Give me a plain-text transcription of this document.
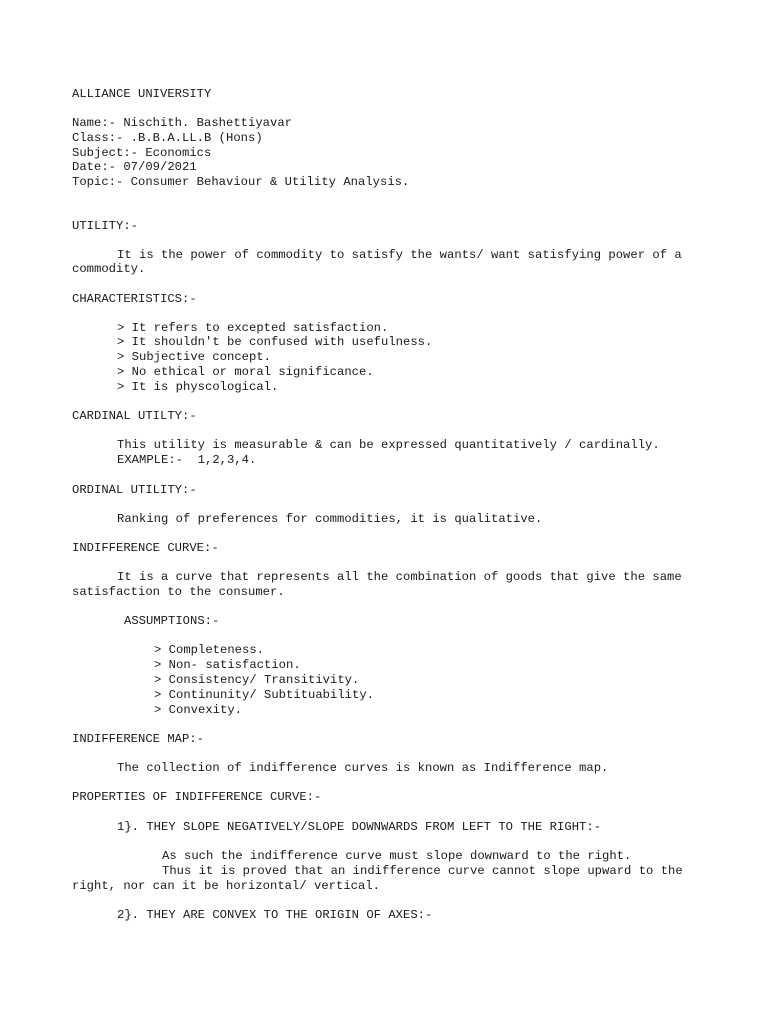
ALLIANCE UNIVERSITY
Name:- Nischith. Bashettiyavar
Class:- .B.B.A.LL.B (Hons)
Subject:- Economics
Date:- 07/09/2021
Topic:- Consumer Behaviour & Utility Analysis.
UTILITY:-
It is the power of commodity to satisfy the wants/ want satisfying power of a
commodity.
CHARACTERISTICS:-
> It refers to excepted satisfaction.
> It shouldn't be confused with usefulness.
> Subjective concept.
> No ethical or moral significance.
> It is physcological.
CARDINAL UTILTY:-
This utility is measurable & can be expressed quantitatively / cardinally.
EXAMPLE:-  1,2,3,4.
ORDINAL UTILITY:-
Ranking of preferences for commodities, it is qualitative.
INDIFFERENCE CURVE:-
It is a curve that represents all the combination of goods that give the same
satisfaction to the consumer.
ASSUMPTIONS:-
> Completeness.
> Non- satisfaction.
> Consistency/ Transitivity.
> Continunity/ Subtituability.
> Convexity.
INDIFFERENCE MAP:-
The collection of indifference curves is known as Indifference map.
PROPERTIES OF INDIFFERENCE CURVE:-
1}. THEY SLOPE NEGATIVELY/SLOPE DOWNWARDS FROM LEFT TO THE RIGHT:-
As such the indifference curve must slope downward to the right.
Thus it is proved that an indifference curve cannot slope upward to the
right, nor can it be horizontal/ vertical.
2}. THEY ARE CONVEX TO THE ORIGIN OF AXES:-
